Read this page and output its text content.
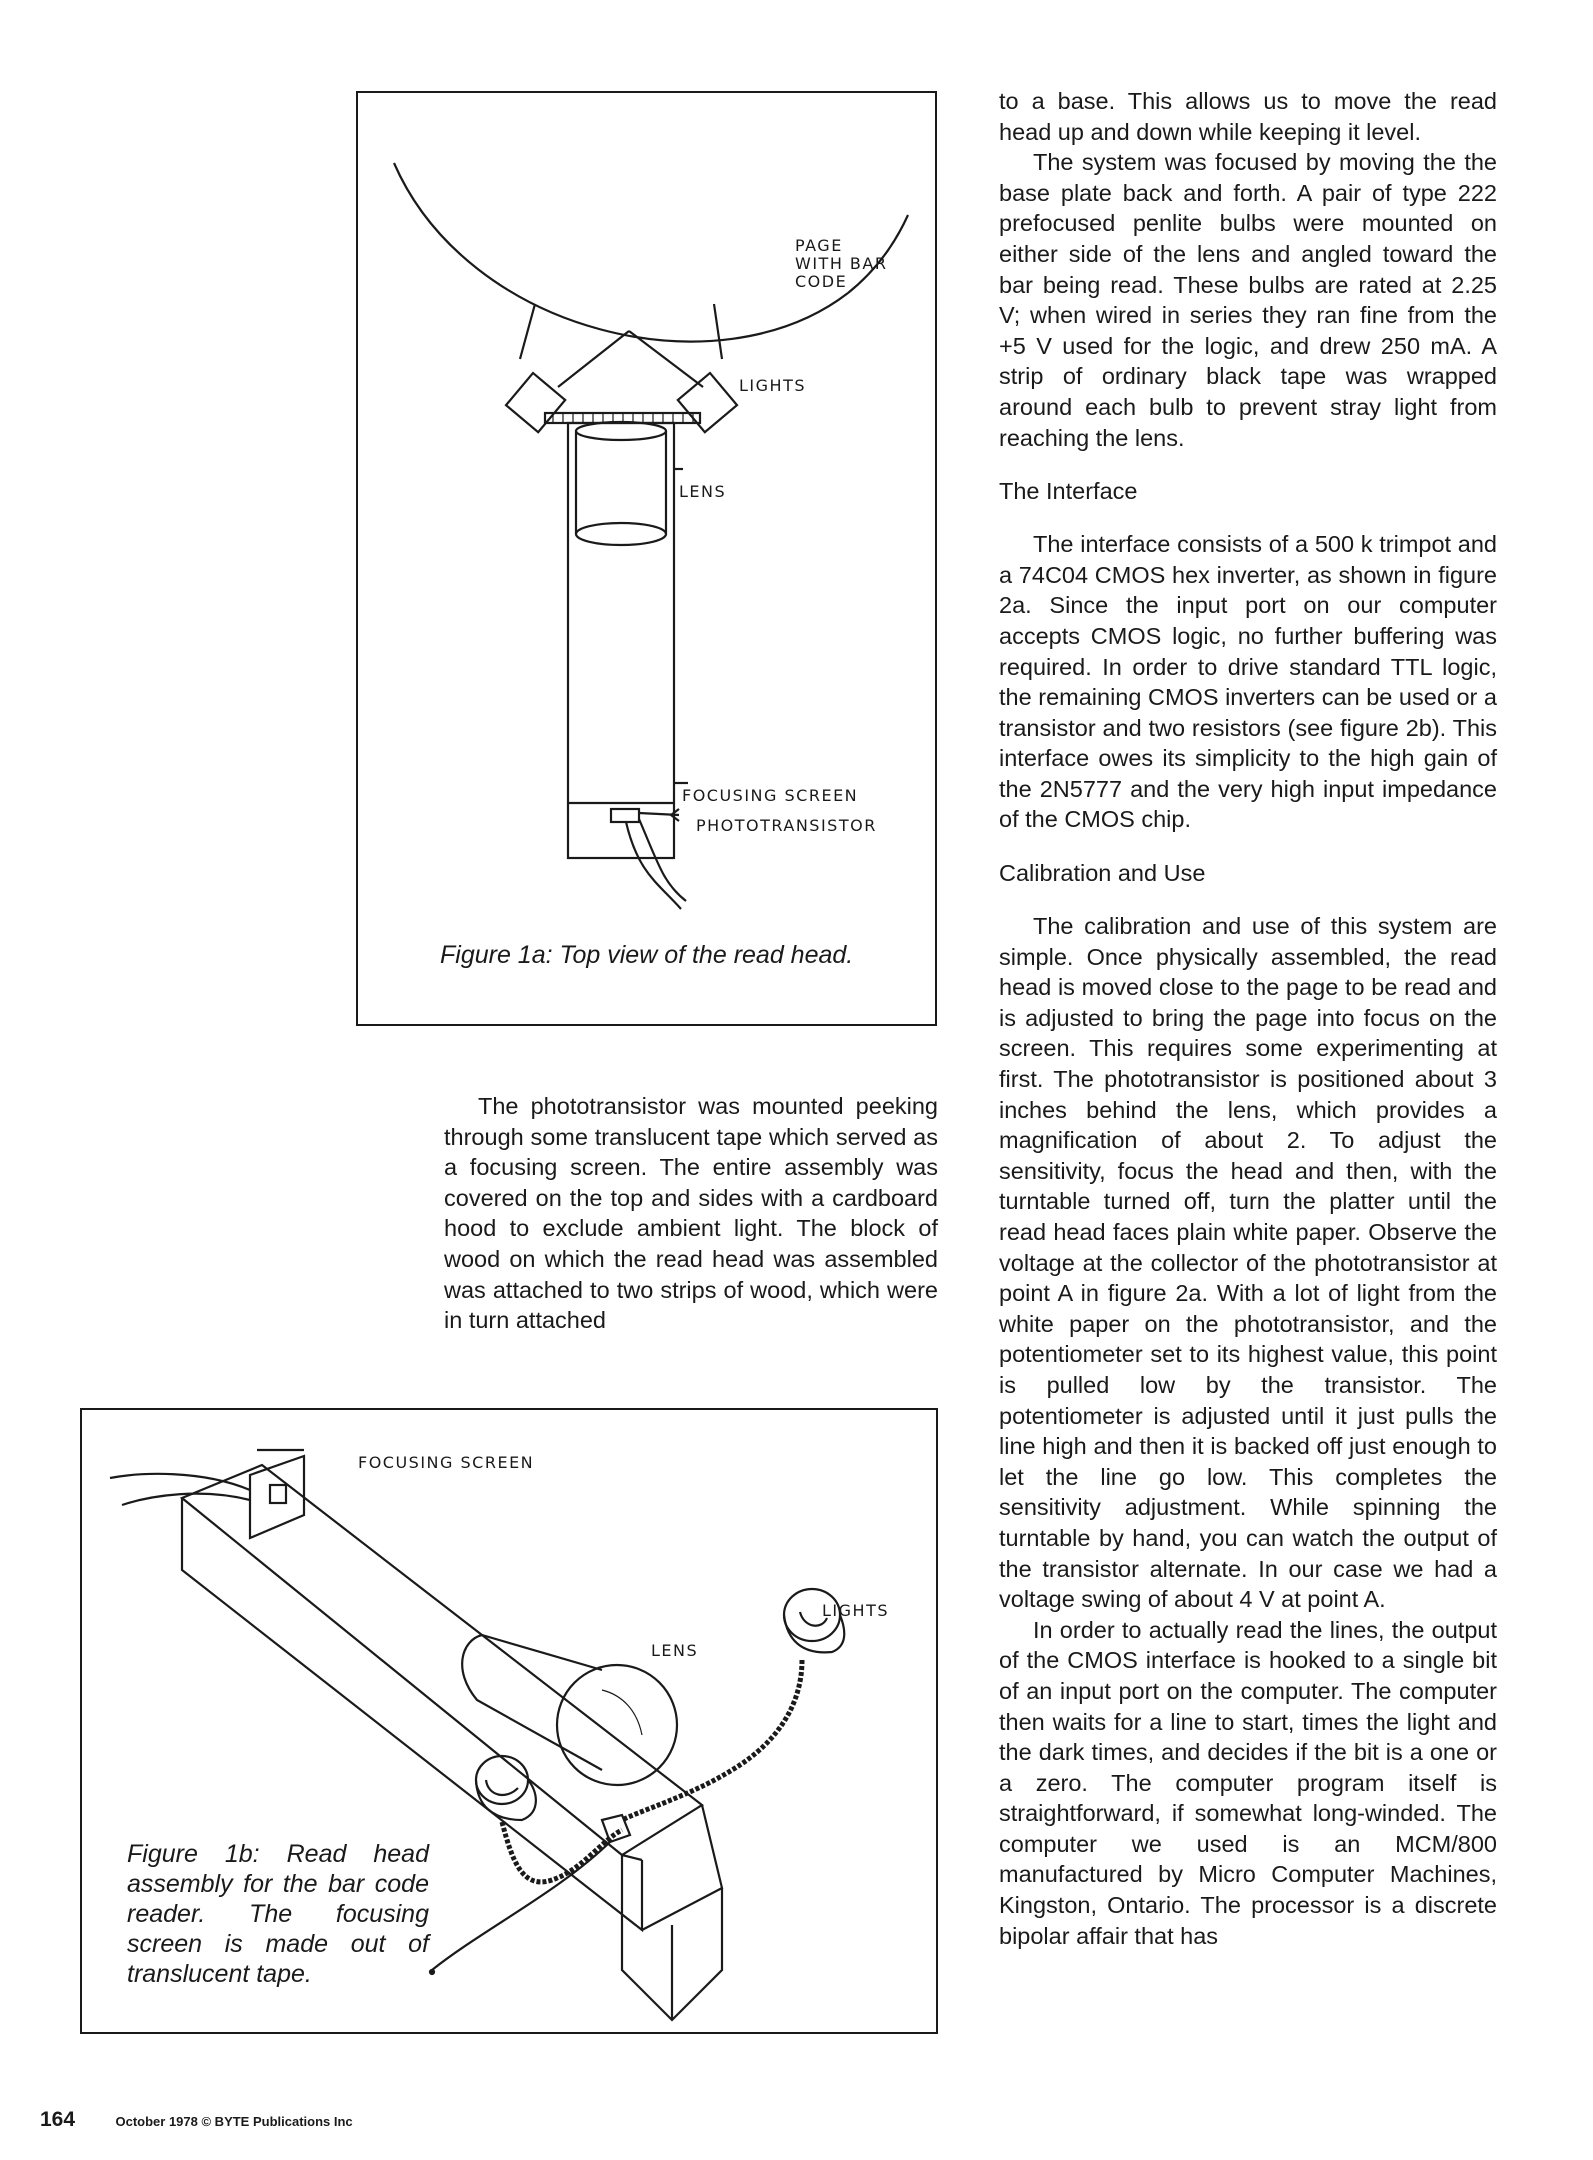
PAGE
WITH BAR
CODE
LIGHTS
LENS
FOCUSING SCREEN
PHOTOTRANSISTOR

Figure 1a: Top view of the read head.

FOCUSING SCREEN
LENS
LIGHTS

Figure 1b: Read head assembly for the bar code reader. The focusing screen is made out of translucent tape.

The phototransistor was mounted peeking through some translucent tape which served as a focusing screen. The entire assembly was covered on the top and sides with a cardboard hood to exclude ambient light. The block of wood on which the read head was assembled was attached to two strips of wood, which were in turn attached

to a base. This allows us to move the read head up and down while keeping it level.

The system was focused by moving the the base plate back and forth. A pair of type 222 prefocused penlite bulbs were mounted on either side of the lens and angled toward the bar being read. These bulbs are rated at 2.25 V; when wired in series they ran fine from the +5 V used for the logic, and drew 250 mA. A strip of ordinary black tape was wrapped around each bulb to prevent stray light from reaching the lens.

The Interface

The interface consists of a 500 k trimpot and a 74C04 CMOS hex inverter, as shown in figure 2a. Since the input port on our computer accepts CMOS logic, no further buffering was required. In order to drive standard TTL logic, the remaining CMOS inverters can be used or a transistor and two resistors (see figure 2b). This interface owes its simplicity to the high gain of the 2N5777 and the very high input impedance of the CMOS chip.

Calibration and Use

The calibration and use of this system are simple. Once physically assembled, the read head is moved close to the page to be read and is adjusted to bring the page into focus on the screen. This requires some experimenting at first. The phototransistor is positioned about 3 inches behind the lens, which provides a magnification of about 2. To adjust the sensitivity, focus the head and then, with the turntable turned off, turn the platter until the read head faces plain white paper. Observe the voltage at the collector of the phototransistor at point A in figure 2a. With a lot of light from the white paper on the phototransistor, and the potentiometer set to its highest value, this point is pulled low by the transistor. The potentiometer is adjusted until it just pulls the line high and then it is backed off just enough to let the line go low. This completes the sensitivity adjustment. While spinning the turntable by hand, you can watch the output of the transistor alternate. In our case we had a voltage swing of about 4 V at point A.

In order to actually read the lines, the output of the CMOS interface is hooked to a single bit of an input port on the computer. The computer then waits for a line to start, times the light and the dark times, and decides if the bit is a one or a zero. The computer program itself is straightforward, if somewhat long-winded. The computer we used is an MCM/800 manufactured by Micro Computer Machines, Kingston, Ontario. The processor is a discrete bipolar affair that has

164	October 1978 © BYTE Publications Inc
